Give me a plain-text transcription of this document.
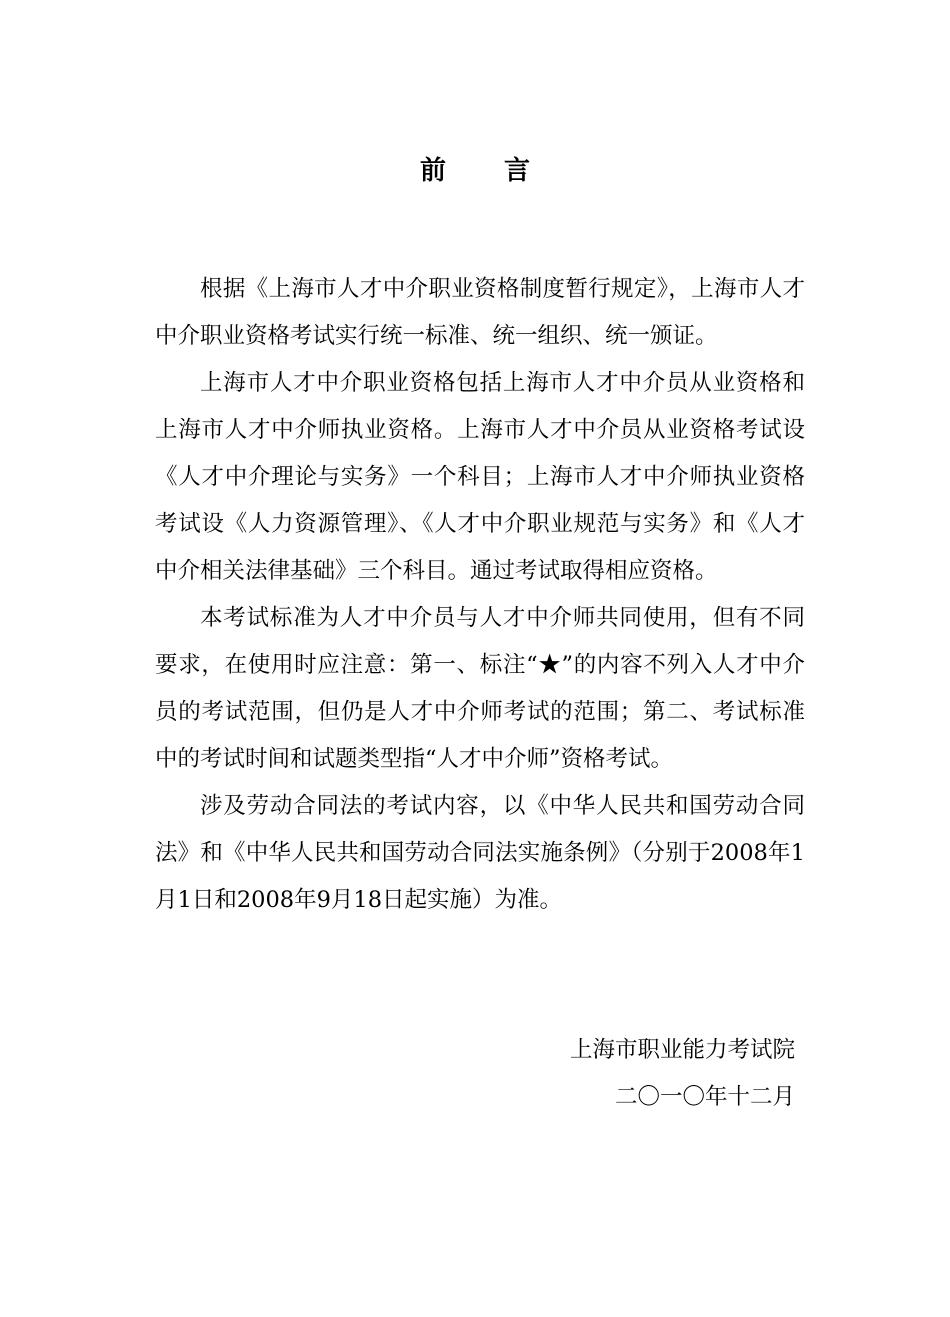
前 言

根据《上海市人才中介职业资格制度暂行规定》，上海市人才中介职业资格考试实行统一标准、统一组织、统一颁证。

上海市人才中介职业资格包括上海市人才中介员从业资格和上海市人才中介师执业资格。上海市人才中介员从业资格考试设《人才中介理论与实务》一个科目；上海市人才中介师执业资格考试设《人力资源管理》、《人才中介职业规范与实务》和《人才中介相关法律基础》三个科目。通过考试取得相应资格。

本考试标准为人才中介员与人才中介师共同使用，但有不同要求，在使用时应注意：第一、标注“★”的内容不列入人才中介员的考试范围，但仍是人才中介师考试的范围；第二、考试标准中的考试时间和试题类型指“人才中介师”资格考试。

涉及劳动合同法的考试内容，以《中华人民共和国劳动合同法》和《中华人民共和国劳动合同法实施条例》（分别于2008年1月1日和2008年9月18日起实施）为准。

上海市职业能力考试院
二〇一〇年十二月
